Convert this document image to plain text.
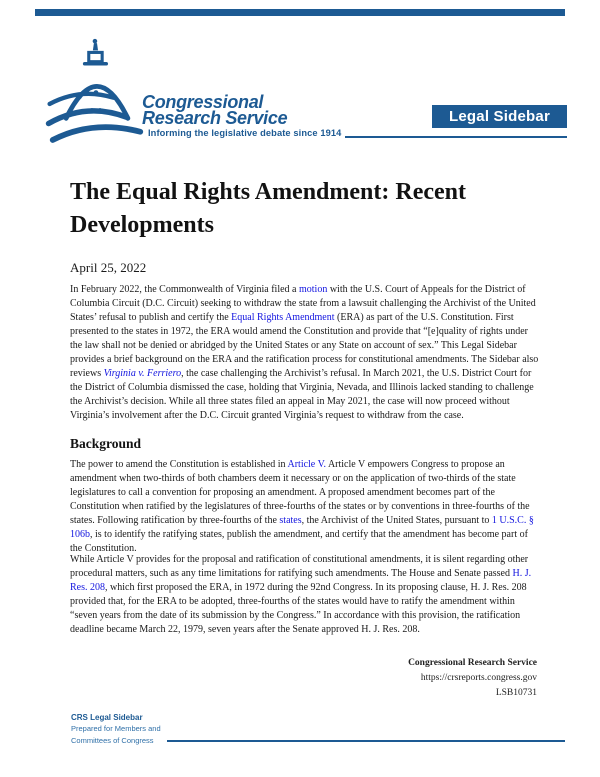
Congressional
Research Service
Informing the legislative debate since 1914
Legal Sidebar
The Equal Rights Amendment: Recent Developments
April 25, 2022
In February 2022, the Commonwealth of Virginia filed a motion with the U.S. Court of Appeals for the District of Columbia Circuit (D.C. Circuit) seeking to withdraw the state from a lawsuit challenging the Archivist of the United States’ refusal to publish and certify the Equal Rights Amendment (ERA) as part of the U.S. Constitution. First presented to the states in 1972, the ERA would amend the Constitution and provide that “[e]quality of rights under the law shall not be denied or abridged by the United States or any State on account of sex.” This Legal Sidebar provides a brief background on the ERA and the ratification process for constitutional amendments. The Sidebar also reviews Virginia v. Ferriero, the case challenging the Archivist’s refusal. In March 2021, the U.S. District Court for the District of Columbia dismissed the case, holding that Virginia, Nevada, and Illinois lacked standing to challenge the Archivist’s decision. While all three states filed an appeal in May 2021, the case will now proceed without Virginia’s involvement after the D.C. Circuit granted Virginia’s request to withdraw from the case.
Background
The power to amend the Constitution is established in Article V. Article V empowers Congress to propose an amendment when two-thirds of both chambers deem it necessary or on the application of two-thirds of the state legislatures to call a convention for proposing an amendment. A proposed amendment becomes part of the Constitution when ratified by the legislatures of three-fourths of the states or by conventions in three-fourths of the states. Following ratification by three-fourths of the states, the Archivist of the United States, pursuant to 1 U.S.C. § 106b, is to identify the ratifying states, publish the amendment, and certify that the amendment has become part of the Constitution.
While Article V provides for the proposal and ratification of constitutional amendments, it is silent regarding other procedural matters, such as any time limitations for ratifying such amendments. The House and Senate passed H. J. Res. 208, which first proposed the ERA, in 1972 during the 92nd Congress. In its proposing clause, H. J. Res. 208 provided that, for the ERA to be adopted, three-fourths of the states would have to ratify the amendment within “seven years from the date of its submission by the Congress.” In accordance with this provision, the ratification deadline became March 22, 1979, seven years after the Senate approved H. J. Res. 208.
Congressional Research Service
https://crsreports.congress.gov
LSB10731
CRS Legal Sidebar
Prepared for Members and
Committees of Congress
